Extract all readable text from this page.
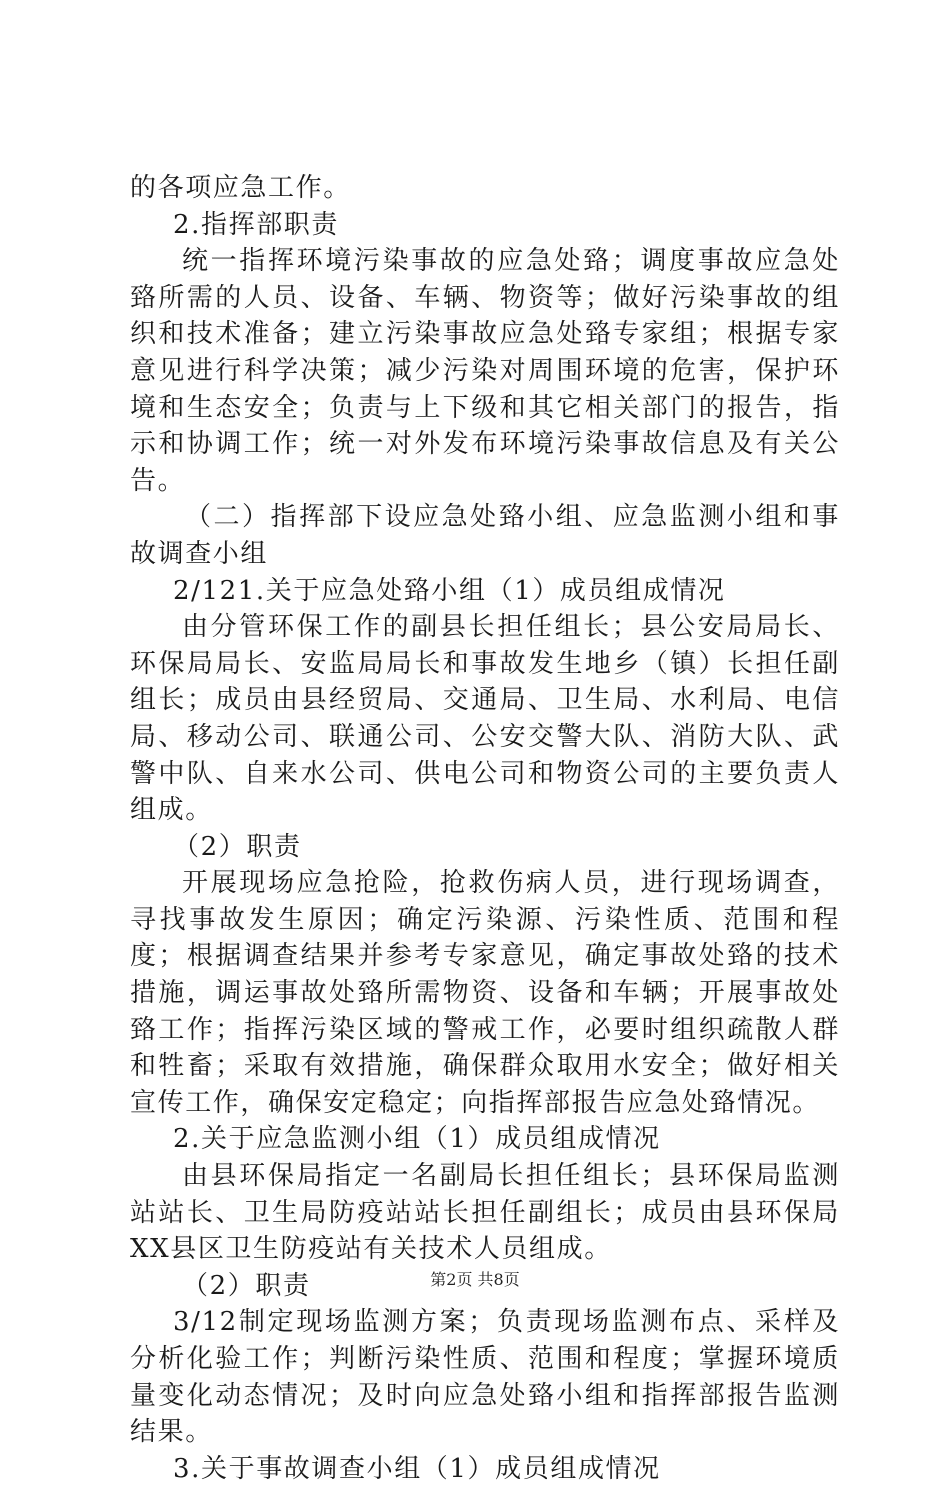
的各项应急工作。

2.指挥部职责

统一指挥环境污染事故的应急处臵；调度事故应急处臵所需的人员、设备、车辆、物资等；做好污染事故的组织和技术准备；建立污染事故应急处臵专家组；根据专家意见进行科学决策；减少污染对周围环境的危害，保护环境和生态安全；负责与上下级和其它相关部门的报告，指示和协调工作；统一对外发布环境污染事故信息及有关公告。

（二）指挥部下设应急处臵小组、应急监测小组和事故调查小组

2/121.关于应急处臵小组（1）成员组成情况

由分管环保工作的副县长担任组长；县公安局局长、环保局局长、安监局局长和事故发生地乡（镇）长担任副组长；成员由县经贸局、交通局、卫生局、水利局、电信局、移动公司、联通公司、公安交警大队、消防大队、武警中队、自来水公司、供电公司和物资公司的主要负责人组成。

（2）职责

开展现场应急抢险，抢救伤病人员，进行现场调查，寻找事故发生原因；确定污染源、污染性质、范围和程度；根据调查结果并参考专家意见，确定事故处臵的技术措施，调运事故处臵所需物资、设备和车辆；开展事故处臵工作；指挥污染区域的警戒工作，必要时组织疏散人群和牲畜；采取有效措施，确保群众取用水安全；做好相关宣传工作，确保安定稳定；向指挥部报告应急处臵情况。

2.关于应急监测小组（1）成员组成情况

由县环保局指定一名副局长担任组长；县环保局监测站站长、卫生局防疫站站长担任副组长；成员由县环保局XX县区卫生防疫站有关技术人员组成。

（2）职责

3/12制定现场监测方案；负责现场监测布点、采样及分析化验工作；判断污染性质、范围和程度；掌握环境质量变化动态情况；及时向应急处臵小组和指挥部报告监测结果。

3.关于事故调查小组（1）成员组成情况

第2页 共8页
